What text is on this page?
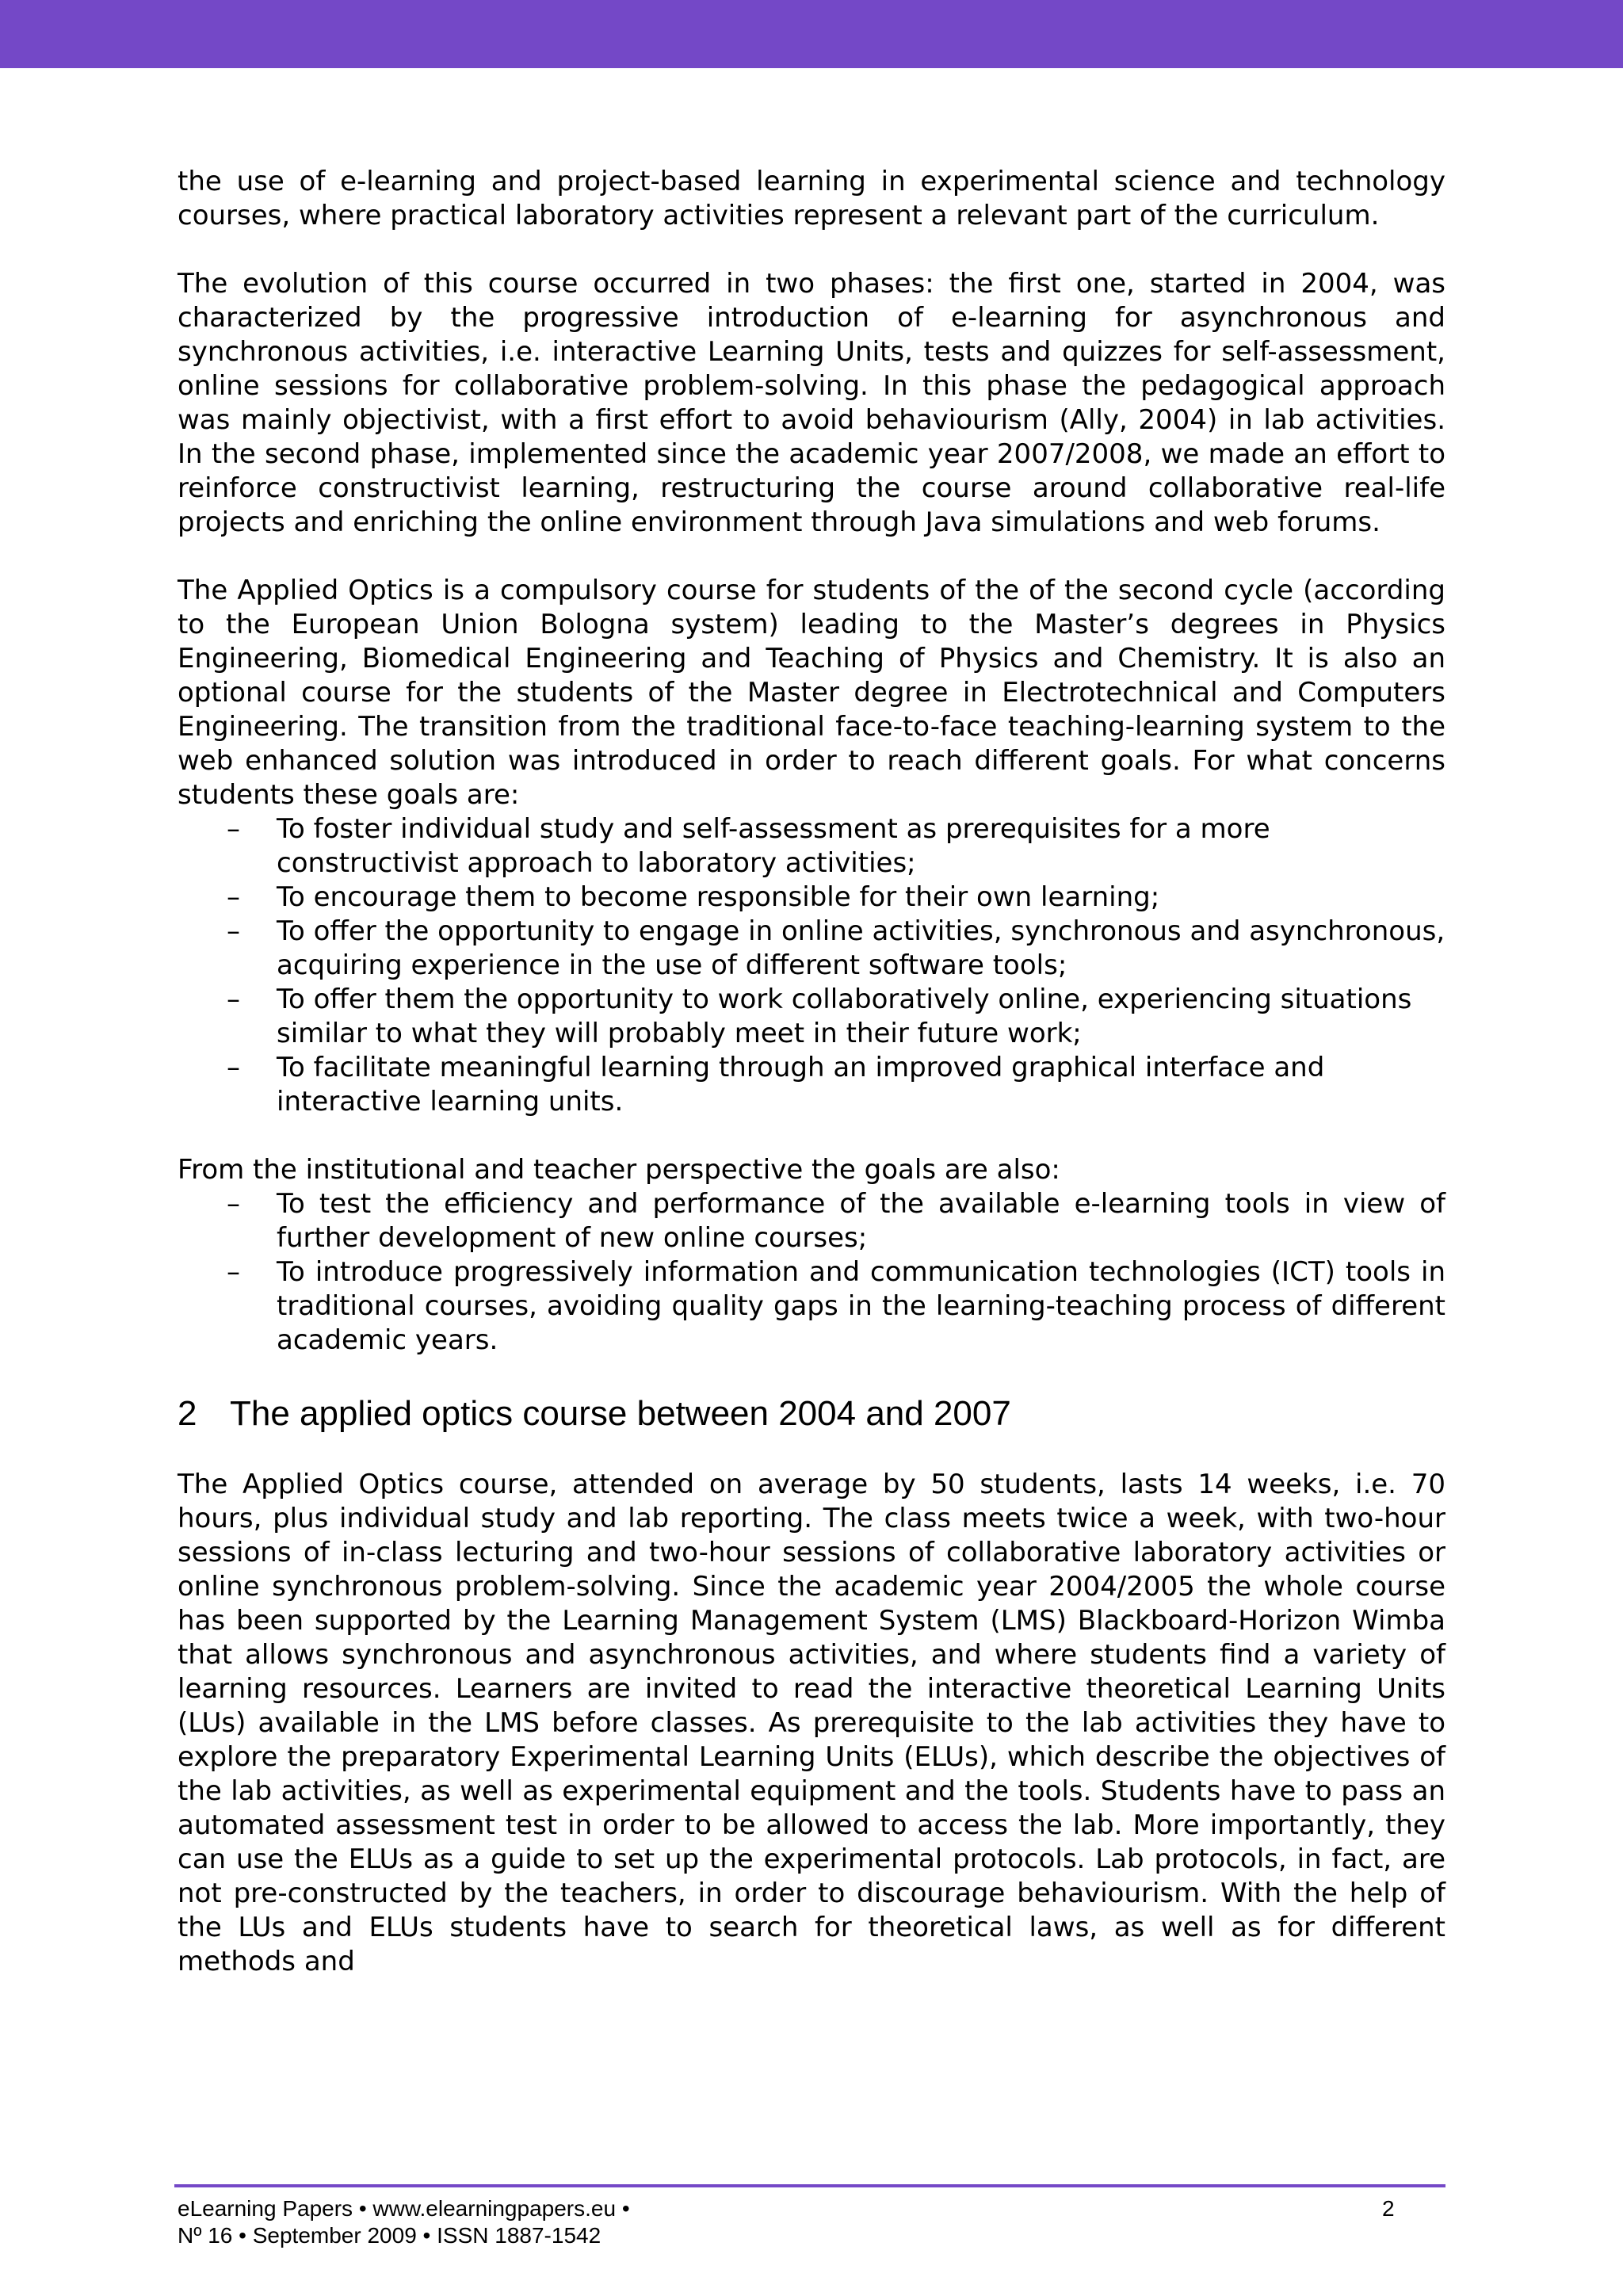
the use of e-learning and project-based learning in experimental science and technology courses, where practical laboratory activities represent a relevant part of the curriculum.

The evolution of this course occurred in two phases: the first one, started in 2004, was characterized by the progressive introduction of e-learning for asynchronous and synchronous activities, i.e. interactive Learning Units, tests and quizzes for self-assessment, online sessions for collaborative problem-solving. In this phase the pedagogical approach was mainly objectivist, with a first effort to avoid behaviourism (Ally, 2004) in lab activities. In the second phase, implemented since the academic year 2007/2008, we made an effort to reinforce constructivist learning, restructuring the course around collaborative real-life projects and enriching the online environment through Java simulations and web forums.

The Applied Optics is a compulsory course for students of the of the second cycle (according to the European Union Bologna system) leading to the Master’s degrees in Physics Engineering, Biomedical Engineering and Teaching of Physics and Chemistry. It is also an optional course for the students of the Master degree in Electrotechnical and Computers Engineering. The transition from the traditional face-to-face teaching-learning system to the web enhanced solution was introduced in order to reach different goals. For what concerns students these goals are:

– To foster individual study and self-assessment as prerequisites for a more constructivist approach to laboratory activities;
– To encourage them to become responsible for their own learning;
– To offer the opportunity to engage in online activities, synchronous and asynchronous, acquiring experience in the use of different software tools;
– To offer them the opportunity to work collaboratively online, experiencing situations similar to what they will probably meet in their future work;
– To facilitate meaningful learning through an improved graphical interface and interactive learning units.

From the institutional and teacher perspective the goals are also:

– To test the efficiency and performance of the available e-learning tools in view of further development of new online courses;
– To introduce progressively information and communication technologies (ICT) tools in traditional courses, avoiding quality gaps in the learning-teaching process of different academic years.
2 The applied optics course between 2004 and 2007

The Applied Optics course, attended on average by 50 students, lasts 14 weeks, i.e. 70 hours, plus individual study and lab reporting. The class meets twice a week, with two-hour sessions of in-class lecturing and two-hour sessions of collaborative laboratory activities or online synchronous problem-solving. Since the academic year 2004/2005 the whole course has been supported by the Learning Management System (LMS) Blackboard-Horizon Wimba that allows synchronous and asynchronous activities, and where students find a variety of learning resources. Learners are invited to read the interactive theoretical Learning Units (LUs) available in the LMS before classes. As prerequisite to the lab activities they have to explore the preparatory Experimental Learning Units (ELUs), which describe the objectives of the lab activities, as well as experimental equipment and the tools. Students have to pass an automated assessment test in order to be allowed to access the lab. More importantly, they can use the ELUs as a guide to set up the experimental protocols. Lab protocols, in fact, are not pre-constructed by the teachers, in order to discourage behaviourism. With the help of the LUs and ELUs students have to search for theoretical laws, as well as for different methods and

eLearning Papers • www.elearningpapers.eu •
Nº 16 • September 2009 • ISSN 1887-1542
2
